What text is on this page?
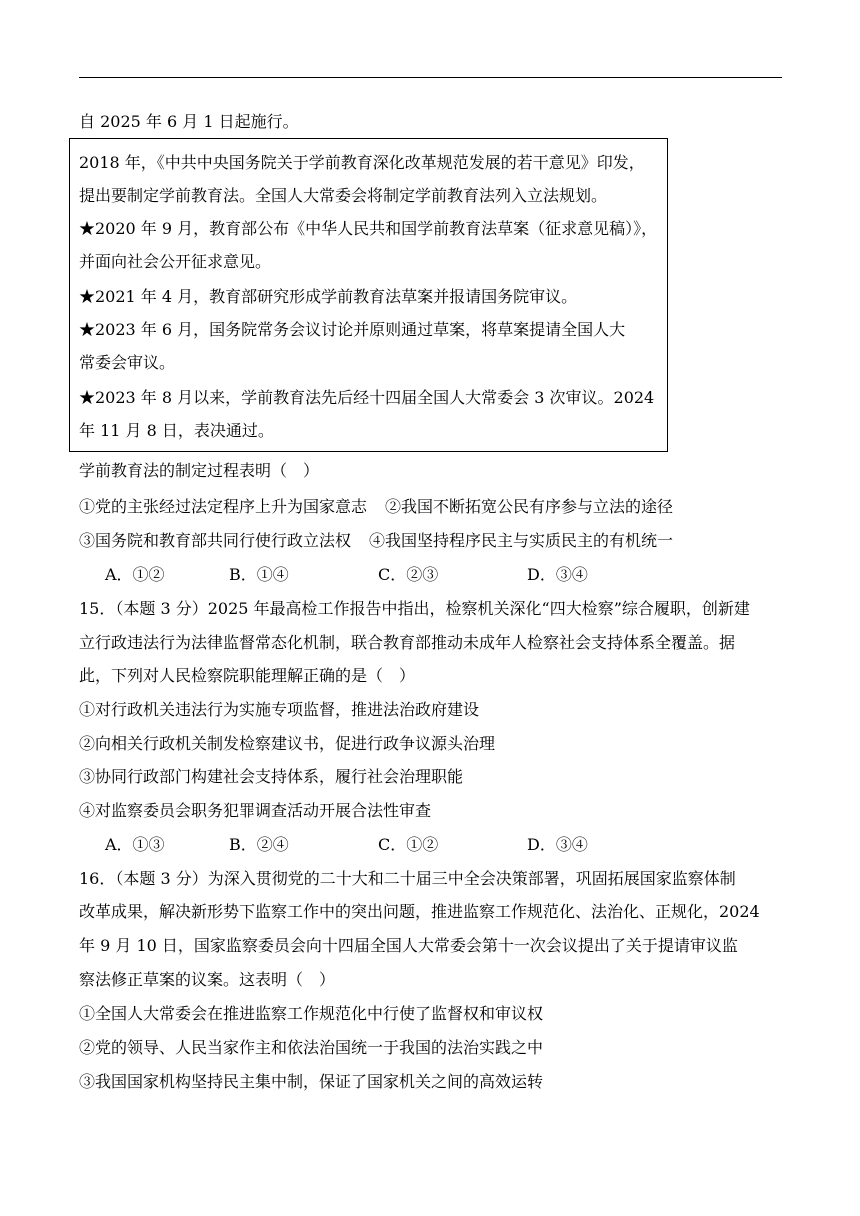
自 2025 年 6 月 1 日起施行。
2018 年，《中共中央国务院关于学前教育深化改革规范发展的若干意见》印发，
提出要制定学前教育法。全国人大常委会将制定学前教育法列入立法规划。
★2020 年 9 月，教育部公布《中华人民共和国学前教育法草案（征求意见稿）》，
并面向社会公开征求意见。
★2021 年 4 月，教育部研究形成学前教育法草案并报请国务院审议。
★2023 年 6 月，国务院常务会议讨论并原则通过草案，将草案提请全国人大
常委会审议。
★2023 年 8 月以来，学前教育法先后经十四届全国人大常委会 3 次审议。2024
年 11 月 8 日，表决通过。
学前教育法的制定过程表明（　）
①党的主张经过法定程序上升为国家意志 ②我国不断拓宽公民有序参与立法的途径
③国务院和教育部共同行使行政立法权 ④我国坚持程序民主与实质民主的有机统一
A．①②	B．①④	C．②③	D．③④
15．（本题 3 分）2025 年最高检工作报告中指出，检察机关深化“四大检察”综合履职，创新建
立行政违法行为法律监督常态化机制，联合教育部推动未成年人检察社会支持体系全覆盖。据
此，下列对人民检察院职能理解正确的是（　）
①对行政机关违法行为实施专项监督，推进法治政府建设
②向相关行政机关制发检察建议书，促进行政争议源头治理
③协同行政部门构建社会支持体系，履行社会治理职能
④对监察委员会职务犯罪调查活动开展合法性审查
A．①③	B．②④	C．①②	D．③④
16．（本题 3 分）为深入贯彻党的二十大和二十届三中全会决策部署，巩固拓展国家监察体制
改革成果，解决新形势下监察工作中的突出问题，推进监察工作规范化、法治化、正规化，2024
年 9 月 10 日，国家监察委员会向十四届全国人大常委会第十一次会议提出了关于提请审议监
察法修正草案的议案。这表明（　）
①全国人大常委会在推进监察工作规范化中行使了监督权和审议权
②党的领导、人民当家作主和依法治国统一于我国的法治实践之中
③我国国家机构坚持民主集中制，保证了国家机关之间的高效运转
